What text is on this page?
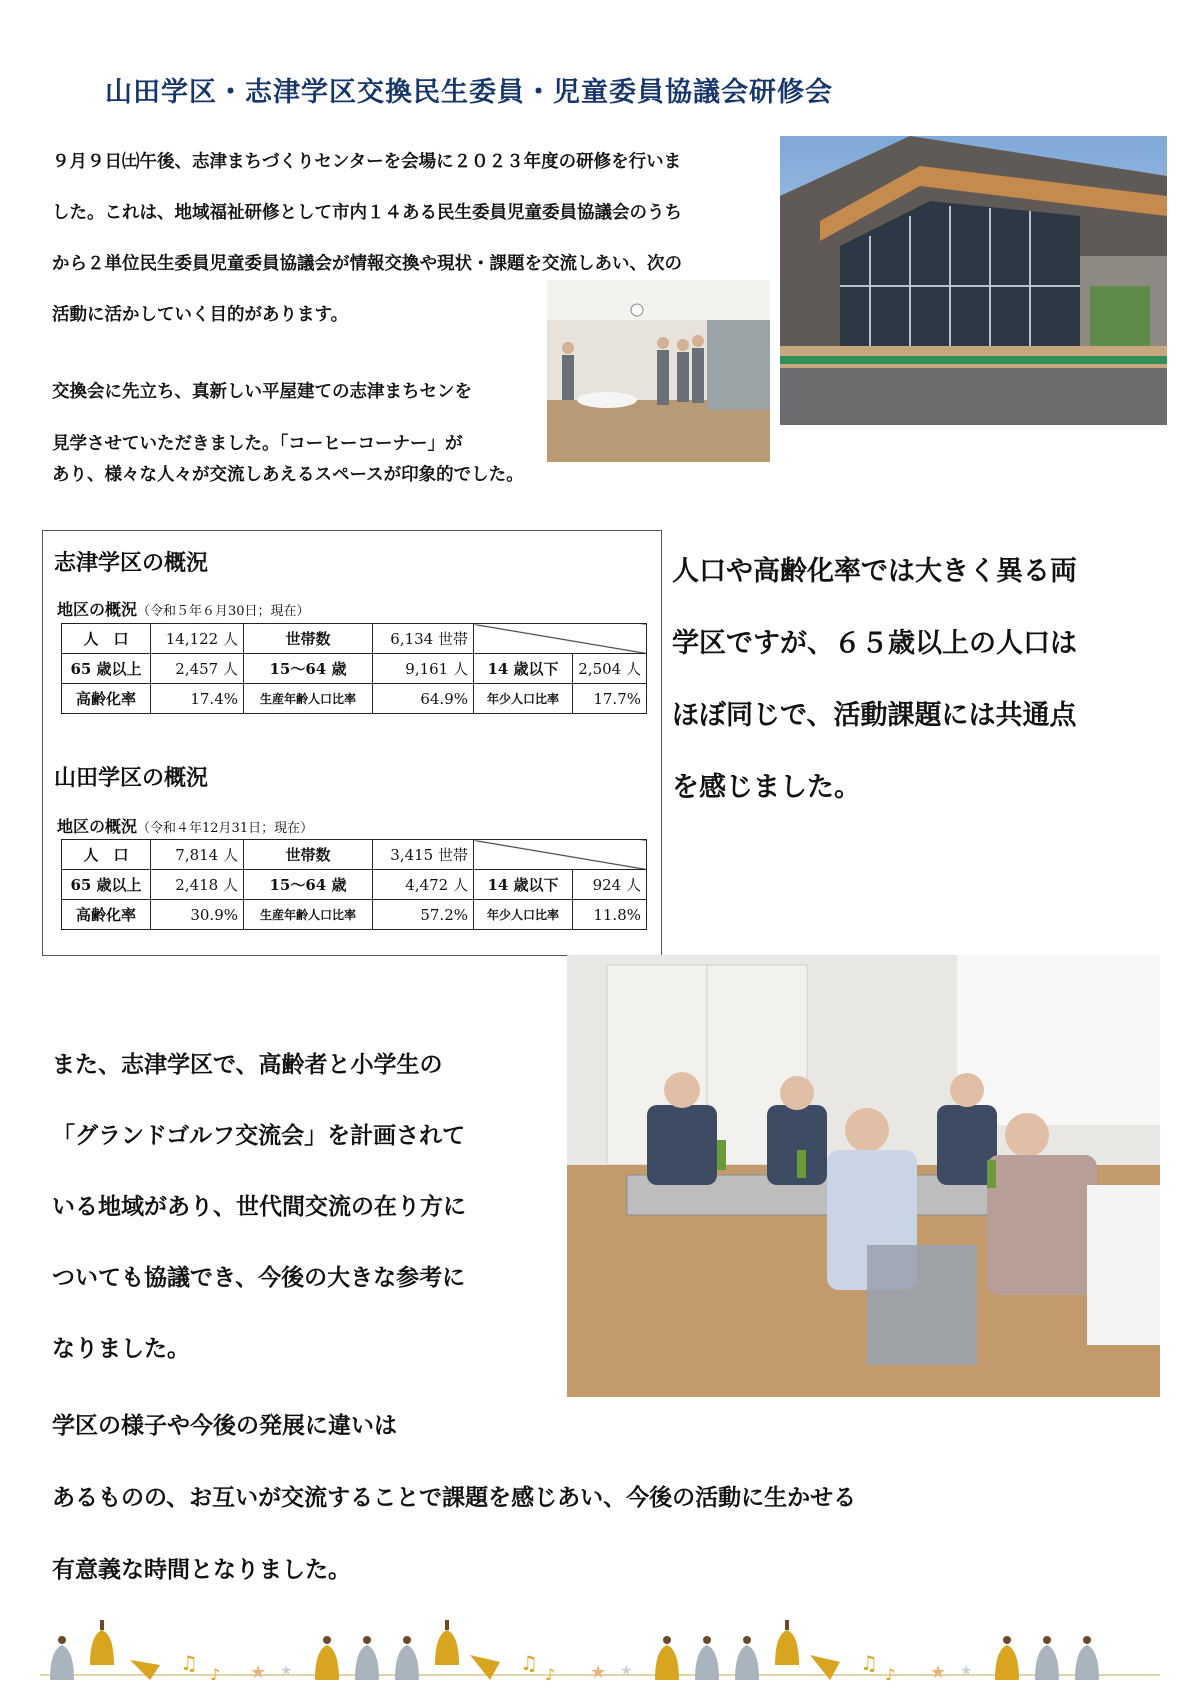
山田学区・志津学区交換民生委員・児童委員協議会研修会
９月９日㈯午後、志津まちづくりセンターを会場に２０２３年度の研修を行いま
した。これは、地域福祉研修として市内１４ある民生委員児童委員協議会のうち
から２単位民生委員児童委員協議会が情報交換や現状・課題を交流しあい、次の
活動に活かしていく目的があります。
交換会に先立ち、真新しい平屋建ての志津まちセンを
見学させていただきました。「コーヒーコーナー」が
あり、様々な人々が交流しあえるスペースが印象的でした。
志津学区の概況
地区の概況（令和５年６月30日；現在）
人　口	14,122 人	世帯数	6,134 世帯		
65 歳以上	2,457 人	15～64 歳	9,161 人	14 歳以下	2,504 人
高齢化率	17.4%	生産年齢人口比率	64.9%	年少人口比率	17.7%
山田学区の概況
地区の概況（令和４年12月31日；現在）
人　口	7,814 人	世帯数	3,415 世帯		
65 歳以上	2,418 人	15～64 歳	4,472 人	14 歳以下	924 人
高齢化率	30.9%	生産年齢人口比率	57.2%	年少人口比率	11.8%
人口や高齢化率では大きく異る両
学区ですが、６５歳以上の人口は
ほぼ同じで、活動課題には共通点
を感じました。
また、志津学区で、高齢者と小学生の
「グランドゴルフ交流会」を計画されて
いる地域があり、世代間交流の在り方に
ついても協議でき、今後の大きな参考に
なりました。
学区の様子や今後の発展に違いは
あるものの、お互いが交流することで課題を感じあい、今後の活動に生かせる
有意義な時間となりました。
♫ ♪ ★ ★	♫ ♪ ★ ★	♫ ♪ ★ ★
